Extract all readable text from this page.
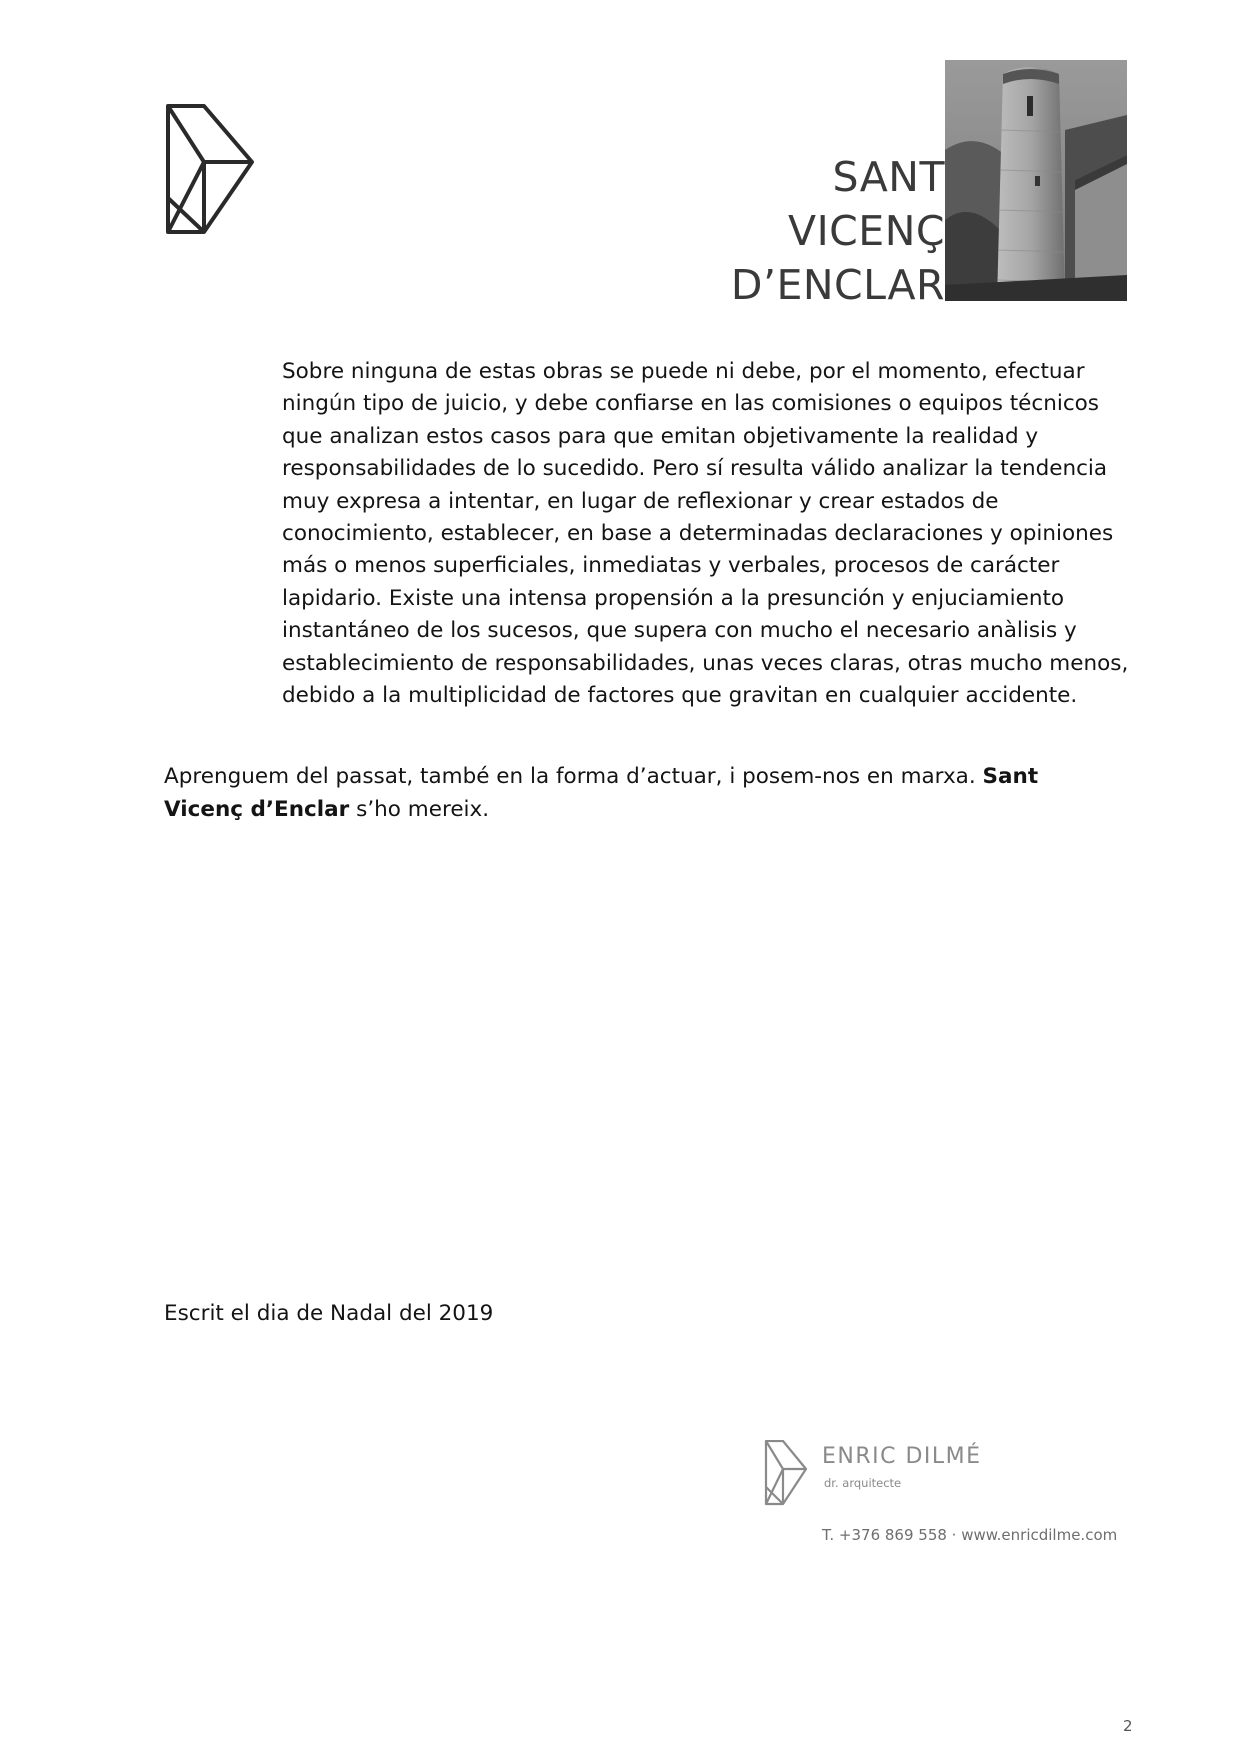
SANT
VICENÇ
D’ENCLAR

Sobre ninguna de estas obras se puede ni debe, por el momento, efectuar ningún tipo de juicio, y debe confiarse en las comisiones o equipos técnicos que analizan estos casos para que emitan objetivamente la realidad y responsabilidades de lo sucedido. Pero sí resulta válido analizar la tendencia muy expresa a intentar, en lugar de reflexionar y crear estados de conocimiento, establecer, en base a determinadas declaraciones y opiniones más o menos superficiales, inmediatas y verbales, procesos de carácter lapidario. Existe una intensa propensión a la presunción y enjuciamiento instantáneo de los sucesos, que supera con mucho el necesario anàlisis y establecimiento de responsabilidades, unas veces claras, otras mucho menos, debido a la multiplicidad de factores que gravitan en cualquier accidente.

Aprenguem del passat, també en la forma d’actuar, i posem-nos en marxa. Sant Vicenç d’Enclar s’ho mereix.

Escrit el dia de Nadal del 2019

ENRIC DILMÉ
dr. arquitecte
T. +376 869 558 · www.enricdilme.com
2
